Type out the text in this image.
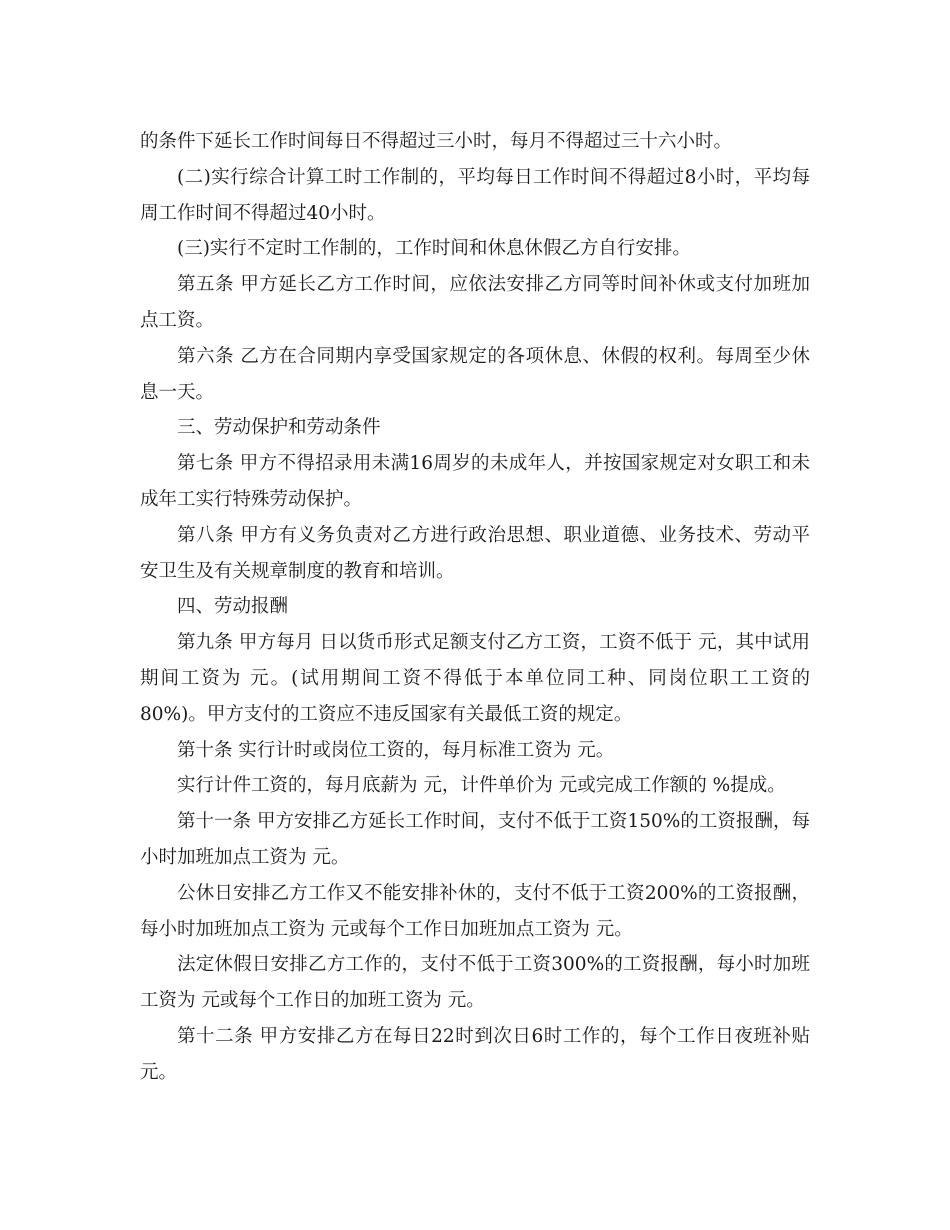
的条件下延长工作时间每日不得超过三小时，每月不得超过三十六小时。

(二)实行综合计算工时工作制的，平均每日工作时间不得超过8小时，平均每周工作时间不得超过40小时。

(三)实行不定时工作制的，工作时间和休息休假乙方自行安排。

第五条 甲方延长乙方工作时间，应依法安排乙方同等时间补休或支付加班加点工资。

第六条 乙方在合同期内享受国家规定的各项休息、休假的权利。每周至少休息一天。

三、劳动保护和劳动条件

第七条 甲方不得招录用未满16周岁的未成年人，并按国家规定对女职工和未成年工实行特殊劳动保护。

第八条 甲方有义务负责对乙方进行政治思想、职业道德、业务技术、劳动平安卫生及有关规章制度的教育和培训。

四、劳动报酬

第九条 甲方每月 日以货币形式足额支付乙方工资，工资不低于 元，其中试用期间工资为 元。(试用期间工资不得低于本单位同工种、同岗位职工工资的80%)。甲方支付的工资应不违反国家有关最低工资的规定。

第十条 实行计时或岗位工资的，每月标准工资为 元。

实行计件工资的，每月底薪为 元，计件单价为 元或完成工作额的 %提成。

第十一条 甲方安排乙方延长工作时间，支付不低于工资150%的工资报酬，每小时加班加点工资为 元。

公休日安排乙方工作又不能安排补休的，支付不低于工资200%的工资报酬，每小时加班加点工资为 元或每个工作日加班加点工资为 元。

法定休假日安排乙方工作的，支付不低于工资300%的工资报酬，每小时加班工资为 元或每个工作日的加班工资为 元。

第十二条 甲方安排乙方在每日22时到次日6时工作的，每个工作日夜班补贴元。
